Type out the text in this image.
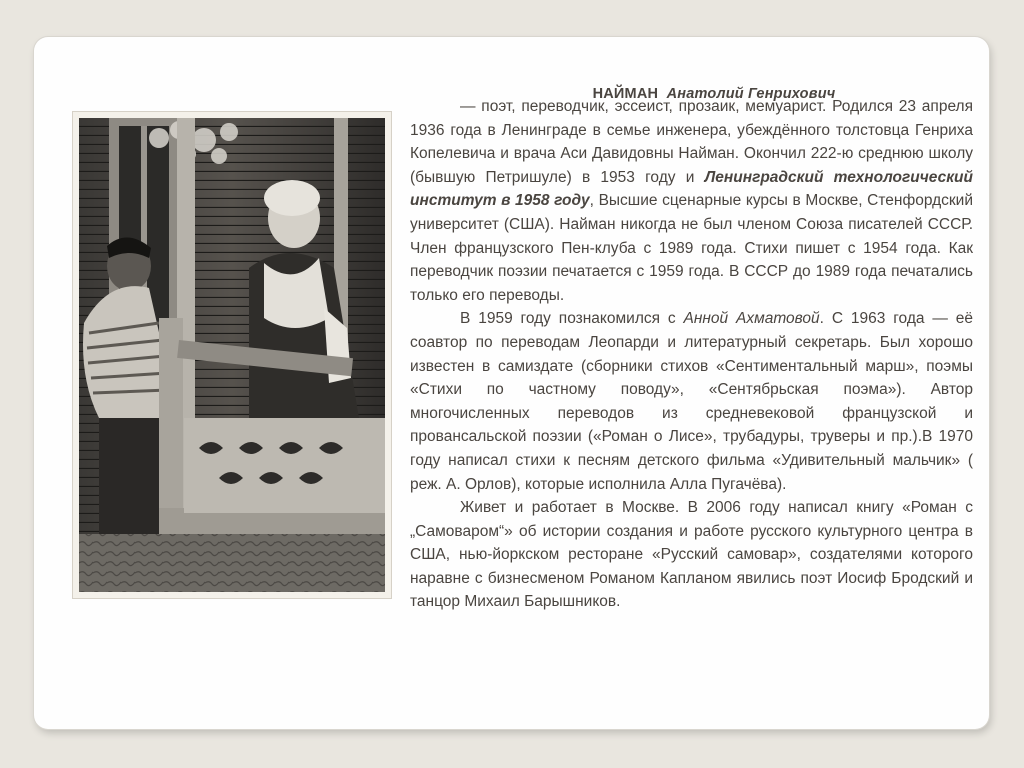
НАЙМАН Анатолий Генрихович

— поэт, переводчик, эссеист, прозаик, мемуарист. Родился 23 апреля 1936 года в Ленинграде в семье инженера, убеждённого толстовца Генриха Копелевича и врача Аси Давидовны Найман. Окончил 222-ю среднюю школу (бывшую Петришуле) в 1953 году и Ленинградский технологический институт в 1958 году, Высшие сценарные курсы в Москве, Стенфордский университет (США). Найман никогда не был членом Союза писателей СССР. Член французского Пен-клуба с 1989 года. Стихи пишет с 1954 года. Как переводчик поэзии печатается с 1959 года. В СССР до 1989 года печатались только его переводы.

В 1959 году познакомился с Анной Ахматовой. С 1963 года — её соавтор по переводам Леопарди и литературный секретарь. Был хорошо известен в самиздате (сборники стихов «Сентиментальный марш», поэмы «Стихи по частному поводу», «Сентябрьская поэма»). Автор многочисленных переводов из средневековой французской и провансальской поэзии («Роман о Лисе», трубадуры, труверы и пр.).В 1970 году написал стихи к песням детского фильма «Удивительный мальчик» ( реж. А. Орлов), которые исполнила Алла Пугачёва).

Живет и работает в Москве. В 2006 году написал книгу «Роман с „Самоваром“» об истории создания и работе русского культурного центра в США, нью-йоркском ресторане «Русский самовар», создателями которого наравне с бизнесменом Романом Капланом явились поэт Иосиф Бродский и танцор Михаил Барышников.
